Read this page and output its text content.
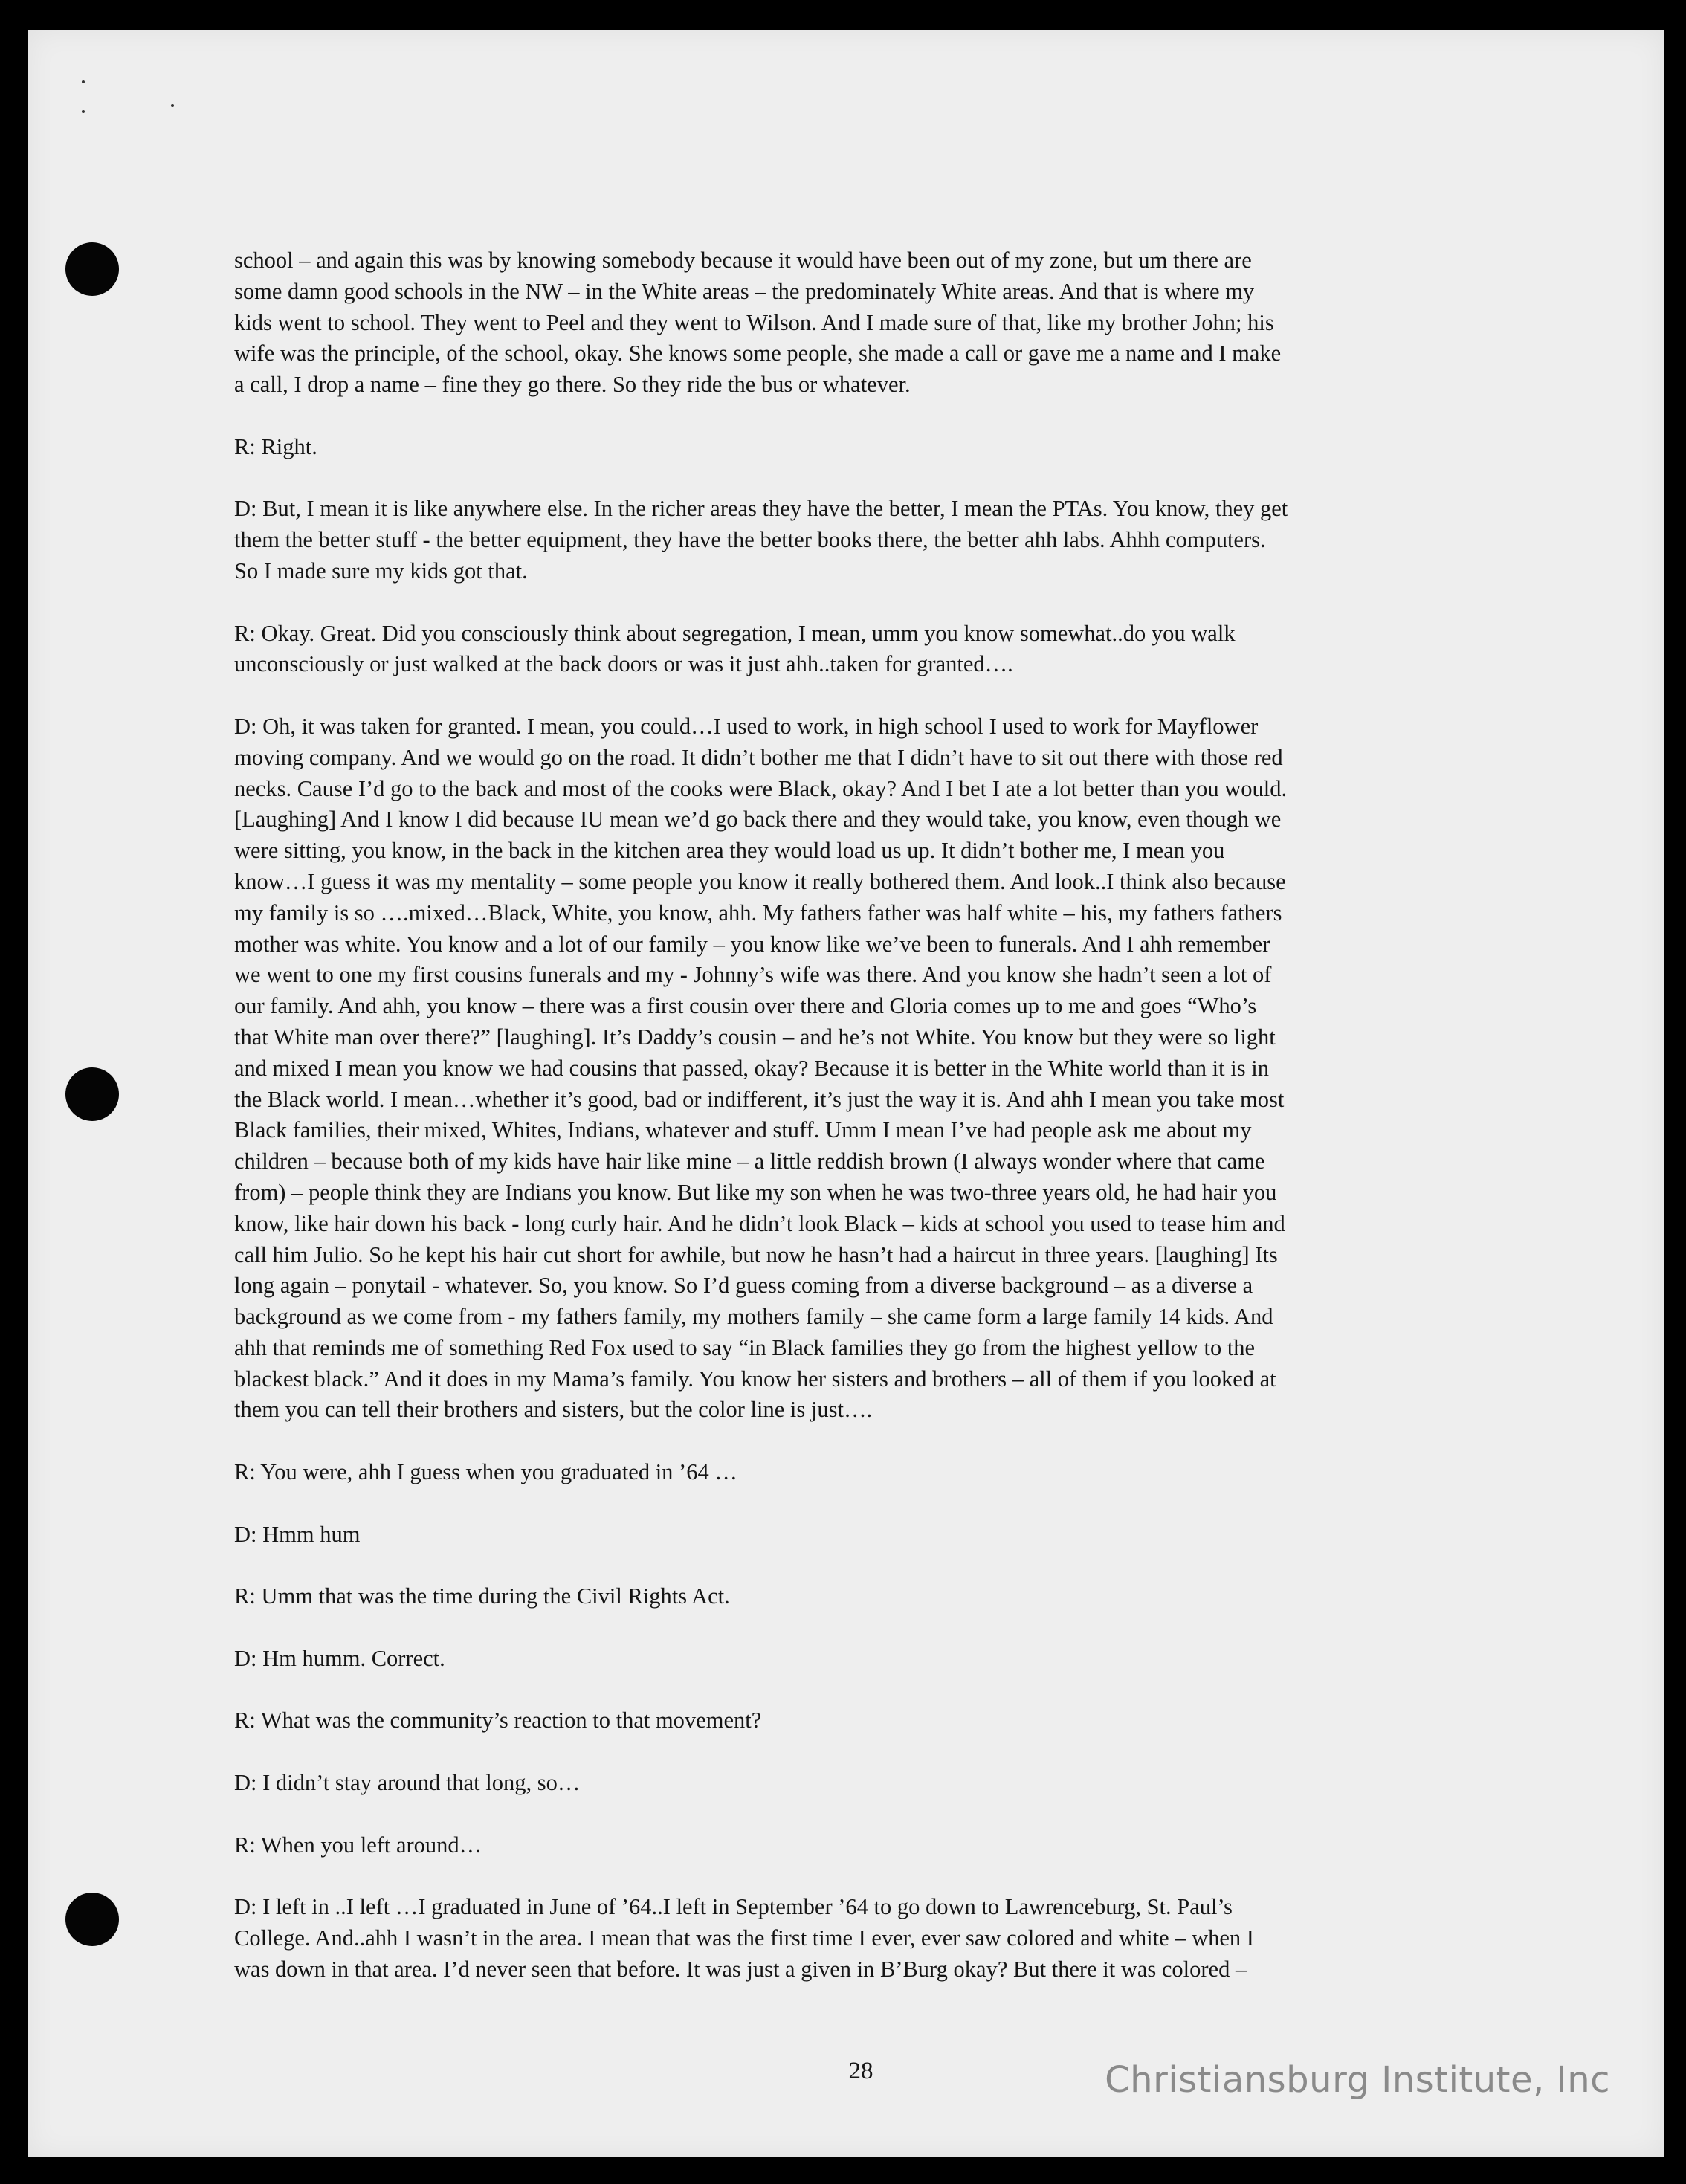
school – and again this was by knowing somebody because it would have been out of my zone, but um there are
some damn good schools in the NW – in the White areas – the predominately White areas. And that is where my
kids went to school. They went to Peel and they went to Wilson. And I made sure of that, like my brother John; his
wife was the principle, of the school, okay. She knows some people, she made a call or gave me a name and I make
a call, I drop a name – fine they go there. So they ride the bus or whatever.

R: Right.

D: But, I mean it is like anywhere else. In the richer areas they have the better, I mean the PTAs. You know, they get
them the better stuff - the better equipment, they have the better books there, the better ahh labs. Ahhh computers.
So I made sure my kids got that.

R: Okay. Great. Did you consciously think about segregation, I mean, umm you know somewhat..do you walk
unconsciously or just walked at the back doors or was it just ahh..taken for granted….

D: Oh, it was taken for granted. I mean, you could…I used to work, in high school I used to work for Mayflower
moving company. And we would go on the road. It didn’t bother me that I didn’t have to sit out there with those red
necks. Cause I’d go to the back and most of the cooks were Black, okay? And I bet I ate a lot better than you would.
[Laughing] And I know I did because IU mean we’d go back there and they would take, you know, even though we
were sitting, you know, in the back in the kitchen area they would load us up. It didn’t bother me, I mean you
know…I guess it was my mentality – some people you know it really bothered them. And look..I think also because
my family is so ….mixed…Black, White, you know, ahh. My fathers father was half white – his, my fathers fathers
mother was white. You know and a lot of our family – you know like we’ve been to funerals. And I ahh remember
we went to one my first cousins funerals and my - Johnny’s wife was there. And you know she hadn’t seen a lot of
our family. And ahh, you know – there was a first cousin over there and Gloria comes up to me and goes “Who’s
that White man over there?” [laughing]. It’s Daddy’s cousin – and he’s not White. You know but they were so light
and mixed I mean you know we had cousins that passed, okay? Because it is better in the White world than it is in
the Black world. I mean…whether it’s good, bad or indifferent, it’s just the way it is. And ahh I mean you take most
Black families, their mixed, Whites, Indians, whatever and stuff. Umm I mean I’ve had people ask me about my
children – because both of my kids have hair like mine – a little reddish brown (I always wonder where that came
from) – people think they are Indians you know. But like my son when he was two-three years old, he had hair you
know, like hair down his back - long curly hair. And he didn’t look Black – kids at school you used to tease him and
call him Julio. So he kept his hair cut short for awhile, but now he hasn’t had a haircut in three years. [laughing] Its
long again – ponytail - whatever. So, you know. So I’d guess coming from a diverse background – as a diverse a
background as we come from - my fathers family, my mothers family – she came form a large family 14 kids. And
ahh that reminds me of something Red Fox used to say “in Black families they go from the highest yellow to the
blackest black.” And it does in my Mama’s family. You know her sisters and brothers – all of them if you looked at
them you can tell their brothers and sisters, but the color line is just….

R: You were, ahh I guess when you graduated in ’64 …

D: Hmm hum

R: Umm that was the time during the Civil Rights Act.

D: Hm humm. Correct.

R: What was the community’s reaction to that movement?

D: I didn’t stay around that long, so…

R: When you left around…

D: I left in ..I left …I graduated in June of ’64..I left in September ’64 to go down to Lawrenceburg, St. Paul’s
College. And..ahh I wasn’t in the area. I mean that was the first time I ever, ever saw colored and white – when I
was down in that area. I’d never seen that before. It was just a given in B’Burg okay? But there it was colored –

28	Christiansburg Institute, Inc
